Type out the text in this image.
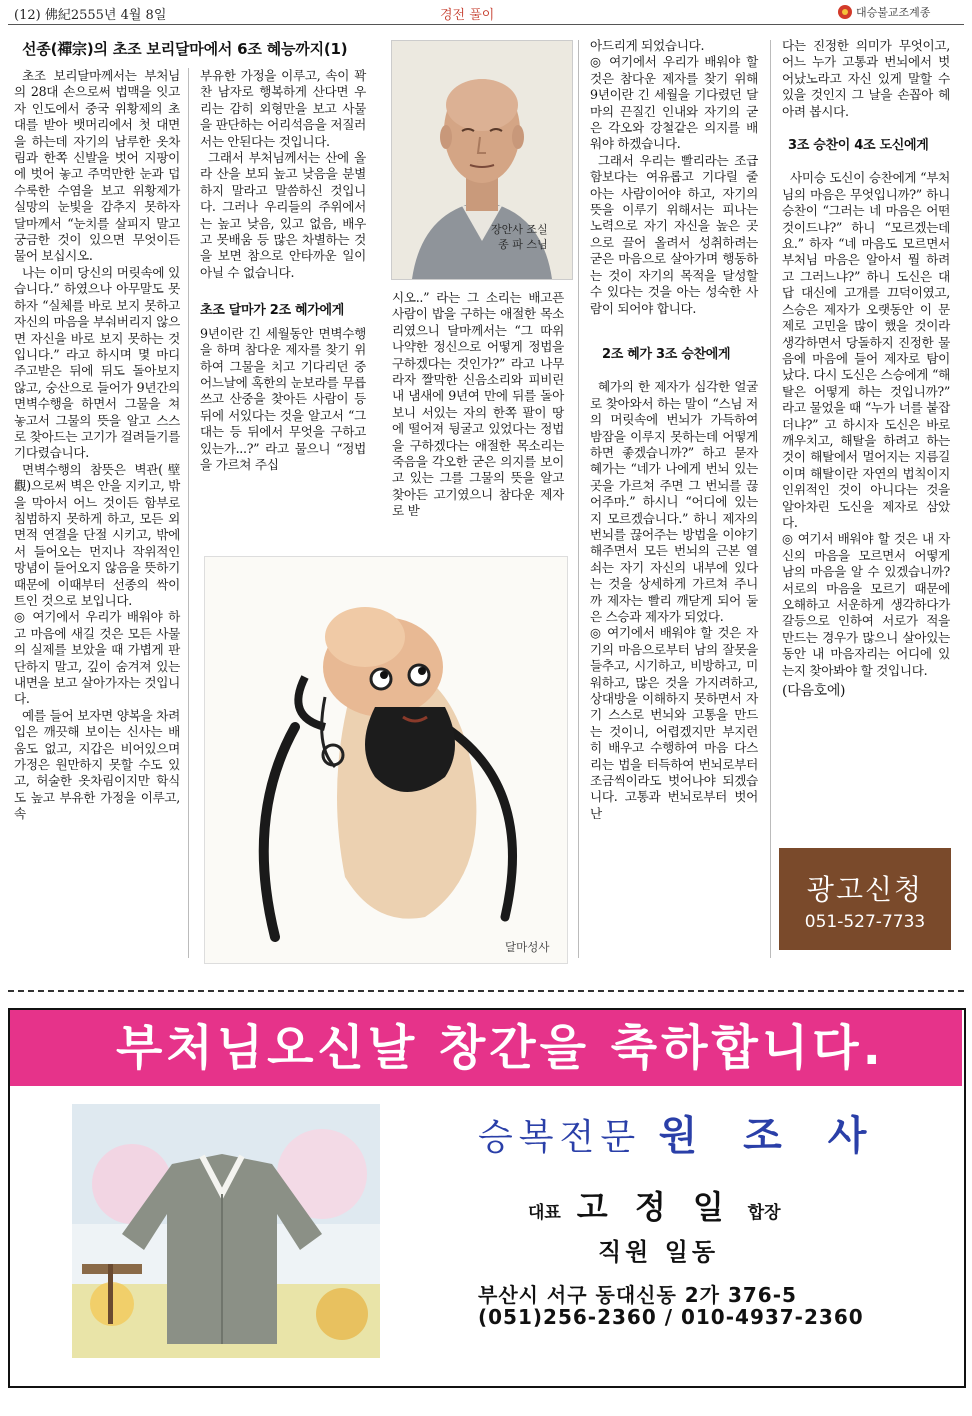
(12) 佛紀2555년 4월 8일	경전 풀이	대승불교조계종
선종(禪宗)의 초조 보리달마에서 6조 혜능까지(1)

초조 보리달마께서는 부처님의 28대 손으로써 법맥을 잇고자 인도에서 중국 위황제의 초대를 받아 뱃머리에서 첫 대면을 하는데 자기의 남루한 옷차림과 한쪽 신발을 벗어 지팡이에 벗어 놓고 주먹만한 눈과 덥수룩한 수염을 보고 위황제가 실망의 눈빛을 감추지 못하자 달마께서 “눈치를 살피지 말고 궁금한 것이 있으면 무엇이든 물어 보십시오.

나는 이미 당신의 머릿속에 있습니다.” 하였으나 아무말도 못하자 “실체를 바로 보지 못하고 자신의 마음을 부숴버리지 않으면 자신을 바로 보지 못하는 것입니다.” 라고 하시며 몇 마디 주고받은 뒤에 뒤도 돌아보지 않고, 숭산으로 들어가 9년간의 면벽수행을 하면서 그물을 쳐 놓고서 그물의 뜻을 알고 스스로 찾아드는 고기가 걸려들기를 기다렸습니다.

면벽수행의 참뜻은 벽관(壁觀)으로써 벽은 안을 지키고, 밖을 막아서 어느 것이든 함부로 침범하지 못하게 하고, 모든 외면적 연결을 단절 시키고, 밖에서 들어오는 먼지나 작위적인 망념이 들어오지 않음을 뜻하기 때문에 이때부터 선종의 싹이 트인 것으로 보입니다.

◎ 여기에서 우리가 배워야 하고 마음에 새길 것은 모든 사물의 실제를 보았을 때 가볍게 판단하지 말고, 깊이 숨겨져 있는 내면을 보고 살아가자는 것입니다.

예를 들어 보자면 양복을 차려입은 깨끗해 보이는 신사는 배움도 없고, 지갑은 비어있으며 가정은 원만하지 못할 수도 있고, 허술한 옷차림이지만 학식도 높고 부유한 가정을 이루고, 속

부유한 가정을 이루고, 속이 꽉 찬 남자로 행복하게 산다면 우리는 감히 외형만을 보고 사물을 판단하는 어리석음을 저질러서는 안된다는 것입니다.

그래서 부처님께서는 산에 올라 산을 보되 높고 낮음을 분별하지 말라고 말씀하신 것입니다. 그러나 우리들의 주위에서는 높고 낮음, 있고 없음, 배우고 못배움 등 많은 차별하는 것을 보면 참으로 안타까운 일이 아닐 수 없습니다.

초조 달마가 2조 혜가에게

9년이란 긴 세월동안 면벽수행을 하며 참다운 제자를 찾기 위하여 그물을 치고 기다리던 중 어느날에 혹한의 눈보라를 무릅쓰고 산중을 찾아든 사람이 등 뒤에 서있다는 것을 알고서 “그대는 등 뒤에서 무엇을 구하고 있는가...?” 라고 물으니 “정법을 가르쳐 주십

장안사 조실
종 파 스님

시오..” 라는 그 소리는 배고픈 사람이 밥을 구하는 애절한 목소리였으니 달마께서는 “그 따위 나약한 정신으로 어떻게 정법을 구하겠다는 것인가?” 라고 나무라자 짤막한 신음소리와 피비린내 냄새에 9년여 만에 뒤를 돌아보니 서있는 자의 한쪽 팔이 땅에 떨어져 뒹굴고 있었다는 정법을 구하겠다는 애절한 목소리는 죽음을 각오한 굳은 의지를 보이고 있는 그를 그물의 뜻을 알고 찾아든 고기였으니 참다운 제자로 받

달마성사

아드리게 되었습니다.

◎ 여기에서 우리가 배워야 할 것은 참다운 제자를 찾기 위해 9년이란 긴 세월을 기다렸던 달마의 끈질긴 인내와 자기의 굳은 각오와 강철같은 의지를 배워야 하겠습니다.

그래서 우리는 빨리라는 조급함보다는 여유롭고 기다릴 줄 아는 사람이어야 하고, 자기의 뜻을 이루기 위해서는 피나는 노력으로 자기 자신을 높은 곳으로 끌어 올려서 성취하려는 굳은 마음으로 살아가며 행동하는 것이 자기의 목적을 달성할 수 있다는 것을 아는 성숙한 사람이 되어야 합니다.

2조 혜가 3조 승찬에게

혜가의 한 제자가 심각한 얼굴로 찾아와서 하는 말이 “스님 저의 머릿속에 번뇌가 가득하여 밤잠을 이루지 못하는데 어떻게 하면 좋겠습니까?” 하고 묻자 혜가는 “네가 나에게 번뇌 있는 곳을 가르쳐 주면 그 번뇌를 끊어주마.” 하시니 “어디에 있는지 모르겠습니다.” 하니 제자의 번뇌를 끊어주는 방법을 이야기해주면서 모든 번뇌의 근본 열쇠는 자기 자신의 내부에 있다는 것을 상세하게 가르쳐 주니까 제자는 빨리 깨닫게 되어 둘은 스승과 제자가 되었다.

◎ 여기에서 배워야 할 것은 자기의 마음으로부터 남의 잘못을 들추고, 시기하고, 비방하고, 미워하고, 많은 것을 가지려하고, 상대방을 이해하지 못하면서 자기 스스로 번뇌와 고통을 만드는 것이니, 어렵겠지만 부지런히 배우고 수행하여 마음 다스리는 법을 터득하여 번뇌로부터 조금씩이라도 벗어나야 되겠습니다. 고통과 번뇌로부터 벗어난

다는 진정한 의미가 무엇이고, 어느 누가 고통과 번뇌에서 벗어났노라고 자신 있게 말할 수 있을 것인지 그 날을 손꼽아 헤아려 봅시다.

3조 승찬이 4조 도신에게

사미승 도신이 승찬에게 “부처님의 마음은 무엇입니까?” 하니 승찬이 “그러는 네 마음은 어떤 것이드냐?” 하니 “모르겠는데요.” 하자 “네 마음도 모르면서 부처님 마음은 알아서 뭘 하려고 그러느냐?” 하니 도신은 대답 대신에 고개를 끄덕이였고, 스승은 제자가 오랫동안 이 문제로 고민을 많이 했을 것이라 생각하면서 당돌하지 진정한 물음에 마음에 들어 제자로 탐이났다. 다시 도신은 스승에게 “해탈은 어떻게 하는 것입니까?” 라고 물었을 때 “누가 너를 붙잡더냐?” 고 하시자 도신은 바로 깨우치고, 해탈을 하려고 하는 것이 해탈에서 멀어지는 지름길이며 해탈이란 자연의 법칙이지 인위적인 것이 아니다는 것을 알아차린 도신을 제자로 삼았다.

◎ 여기서 배워야 할 것은 내 자신의 마음을 모르면서 어떻게 남의 마음을 알 수 있겠습니까? 서로의 마음을 모르기 때문에 오해하고 서운하게 생각하다가 갈등으로 인하여 서로가 적을 만드는 경우가 많으니 살아있는 동안 내 마음자리는 어디에 있는지 찾아봐야 할 것입니다.

(다음호에)

광고신청
051-527-7733
부처님오신날 창간을 축하합니다.
승복전문 원 조 사
대표 고 정 일 합장
직원 일동
부산시 서구 동대신동 2가 376-5
(051)256-2360 / 010-4937-2360
